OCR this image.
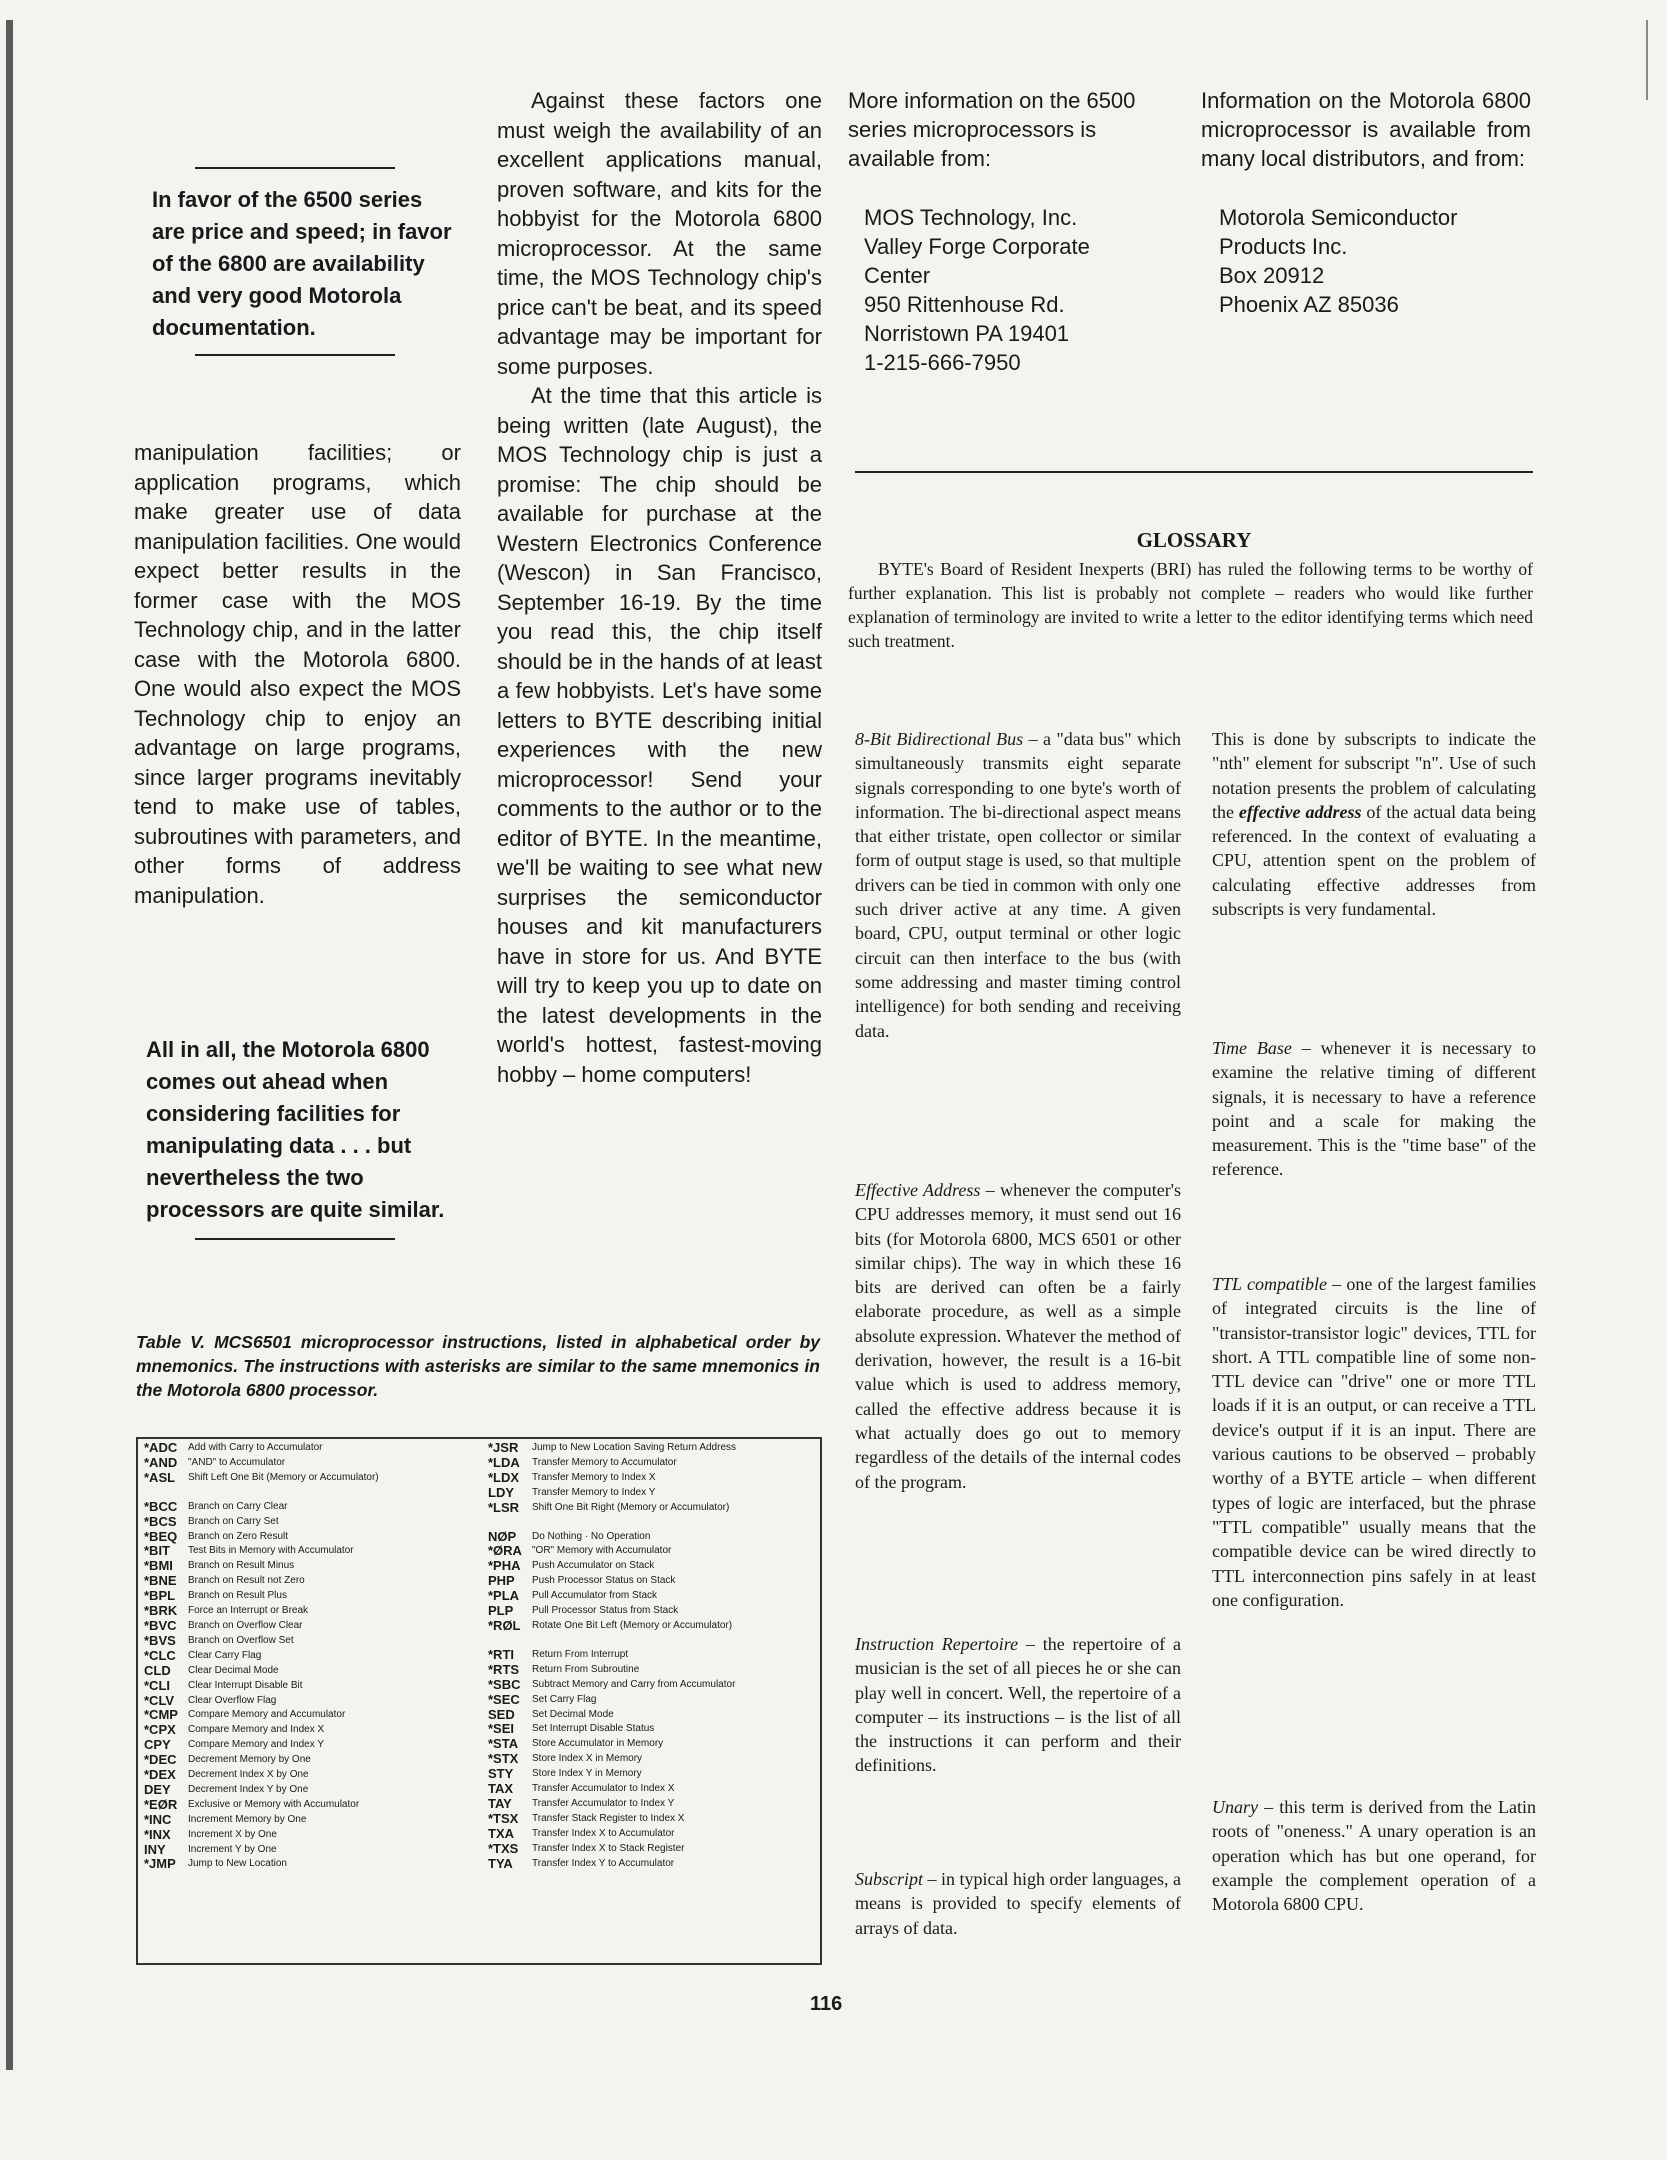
In favor of the 6500 series are price and speed; in favor of the 6800 are availability and very good Motorola documentation.
manipulation facilities; or application programs, which make greater use of data manipulation facilities. One would expect better results in the former case with the MOS Technology chip, and in the latter case with the Motorola 6800. One would also expect the MOS Technology chip to enjoy an advantage on large programs, since larger programs inevitably tend to make use of tables, subroutines with parameters, and other forms of address manipulation.
All in all, the Motorola 6800 comes out ahead when considering facilities for manipulating data . . . but nevertheless the two processors are quite similar.

Against these factors one must weigh the availability of an excellent applications manual, proven software, and kits for the hobbyist for the Motorola 6800 microprocessor. At the same time, the MOS Technology chip's price can't be beat, and its speed advantage may be important for some purposes.

At the time that this article is being written (late August), the MOS Technology chip is just a promise: The chip should be available for purchase at the Western Electronics Conference (Wescon) in San Francisco, September 16-19. By the time you read this, the chip itself should be in the hands of at least a few hobbyists. Let's have some letters to BYTE describing initial experiences with the new microprocessor! Send your comments to the author or to the editor of BYTE. In the meantime, we'll be waiting to see what new surprises the semiconductor houses and kit manufacturers have in store for us. And BYTE will try to keep you up to date on the latest developments in the world's hottest, fastest-moving hobby – home computers!

More information on the 6500 series microprocessors is available from:

MOS Technology, Inc.
Valley Forge Corporate
Center
950 Rittenhouse Rd.
Norristown PA 19401
1-215-666-7950

Information on the Motorola 6800 microprocessor is available from many local distributors, and from:

Motorola Semiconductor
Products Inc.
Box 20912
Phoenix AZ 85036
GLOSSARY
BYTE's Board of Resident Inexperts (BRI) has ruled the following terms to be worthy of further explanation. This list is probably not complete – readers who would like further explanation of terminology are invited to write a letter to the editor identifying terms which need such treatment.

8-Bit Bidirectional Bus – a "data bus" which simultaneously transmits eight separate signals corresponding to one byte's worth of information. The bi-directional aspect means that either tristate, open collector or similar form of output stage is used, so that multiple drivers can be tied in common with only one such driver active at any time. A given board, CPU, output terminal or other logic circuit can then interface to the bus (with some addressing and master timing control intelligence) for both sending and receiving data.

Effective Address – whenever the computer's CPU addresses memory, it must send out 16 bits (for Motorola 6800, MCS 6501 or other similar chips). The way in which these 16 bits are derived can often be a fairly elaborate procedure, as well as a simple absolute expression. Whatever the method of derivation, however, the result is a 16-bit value which is used to address memory, called the effective address because it is what actually does go out to memory regardless of the details of the internal codes of the program.

Instruction Repertoire – the repertoire of a musician is the set of all pieces he or she can play well in concert. Well, the repertoire of a computer – its instructions – is the list of all the instructions it can perform and their definitions.

Subscript – in typical high order languages, a means is provided to specify elements of arrays of data.

This is done by subscripts to indicate the "nth" element for subscript "n". Use of such notation presents the problem of calculating the effective address of the actual data being referenced. In the context of evaluating a CPU, attention spent on the problem of calculating effective addresses from subscripts is very fundamental.

Time Base – whenever it is necessary to examine the relative timing of different signals, it is necessary to have a reference point and a scale for making the measurement. This is the "time base" of the reference.

TTL compatible – one of the largest families of integrated circuits is the line of "transistor-transistor logic" devices, TTL for short. A TTL compatible line of some non-TTL device can "drive" one or more TTL loads if it is an output, or can receive a TTL device's output if it is an input. There are various cautions to be observed – probably worthy of a BYTE article – when different types of logic are interfaced, but the phrase "TTL compatible" usually means that the compatible device can be wired directly to TTL interconnection pins safely in at least one configuration.

Unary – this term is derived from the Latin roots of "oneness." A unary operation is an operation which has but one operand, for example the complement operation of a Motorola 6800 CPU.

Table V. MCS6501 microprocessor instructions, listed in alphabetical order by mnemonics. The instructions with asterisks are similar to the same mnemonics in the Motorola 6800 processor.
*ADC	Add with Carry to Accumulator
*AND	"AND" to Accumulator
*ASL	Shift Left One Bit (Memory or Accumulator)
*BCC	Branch on Carry Clear
*BCS	Branch on Carry Set
*BEQ	Branch on Zero Result
*BIT	Test Bits in Memory with Accumulator
*BMI	Branch on Result Minus
*BNE	Branch on Result not Zero
*BPL	Branch on Result Plus
*BRK	Force an Interrupt or Break
*BVC	Branch on Overflow Clear
*BVS	Branch on Overflow Set
*CLC	Clear Carry Flag
CLD	Clear Decimal Mode
*CLI	Clear Interrupt Disable Bit
*CLV	Clear Overflow Flag
*CMP	Compare Memory and Accumulator
*CPX	Compare Memory and Index X
CPY	Compare Memory and Index Y
*DEC	Decrement Memory by One
*DEX	Decrement Index X by One
DEY	Decrement Index Y by One
*EØR	Exclusive or Memory with Accumulator
*INC	Increment Memory by One
*INX	Increment X by One
INY	Increment Y by One
*JMP	Jump to New Location
*JSR	Jump to New Location Saving Return Address
*LDA	Transfer Memory to Accumulator
*LDX	Transfer Memory to Index X
LDY	Transfer Memory to Index Y
*LSR	Shift One Bit Right (Memory or Accumulator)
NØP	Do Nothing · No Operation
*ØRA	"OR" Memory with Accumulator
*PHA	Push Accumulator on Stack
PHP	Push Processor Status on Stack
*PLA	Pull Accumulator from Stack
PLP	Pull Processor Status from Stack
*RØL	Rotate One Bit Left (Memory or Accumulator)
*RTI	Return From Interrupt
*RTS	Return From Subroutine
*SBC	Subtract Memory and Carry from Accumulator
*SEC	Set Carry Flag
SED	Set Decimal Mode
*SEI	Set Interrupt Disable Status
*STA	Store Accumulator in Memory
*STX	Store Index X in Memory
STY	Store Index Y in Memory
TAX	Transfer Accumulator to Index X
TAY	Transfer Accumulator to Index Y
*TSX	Transfer Stack Register to Index X
TXA	Transfer Index X to Accumulator
*TXS	Transfer Index X to Stack Register
TYA	Transfer Index Y to Accumulator
116
